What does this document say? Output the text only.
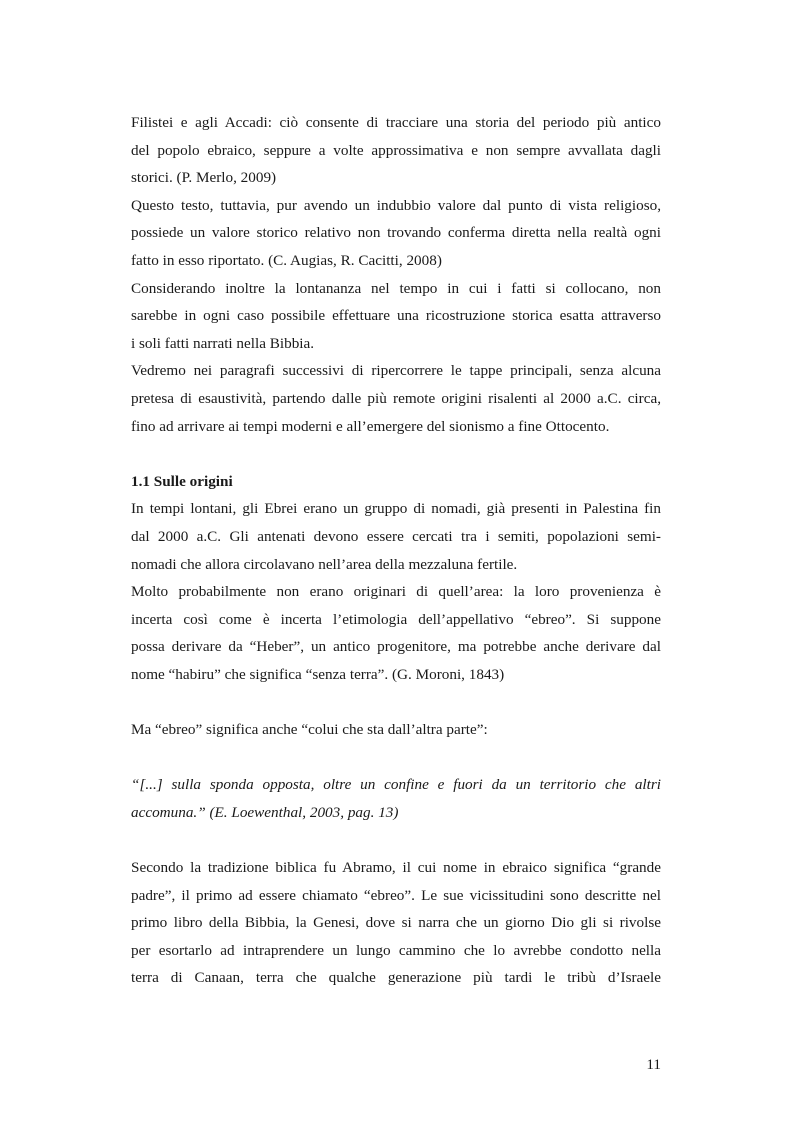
Filistei e agli Accadi: ciò consente di tracciare una storia del periodo più antico
del popolo ebraico, seppure a volte approssimativa e non sempre avvallata dagli
storici. (P. Merlo, 2009)
Questo testo, tuttavia, pur avendo un indubbio valore dal punto di vista religioso,
possiede un valore storico relativo non trovando conferma diretta nella realtà ogni
fatto in esso riportato. (C. Augias, R. Cacitti, 2008)
Considerando inoltre la lontananza nel tempo in cui i fatti si collocano, non
sarebbe in ogni caso possibile effettuare una ricostruzione storica esatta attraverso
i soli fatti narrati nella Bibbia.
Vedremo nei paragrafi successivi di ripercorrere le tappe principali, senza alcuna
pretesa di esaustività, partendo dalle più remote origini risalenti al 2000 a.C. circa,
fino ad arrivare ai tempi moderni e all’emergere del sionismo a fine Ottocento.
1.1 Sulle origini
In tempi lontani, gli Ebrei erano un gruppo di nomadi, già presenti in Palestina fin
dal 2000 a.C. Gli antenati devono essere cercati tra i semiti, popolazioni semi-
nomadi che allora circolavano nell’area della mezzaluna fertile.
Molto probabilmente non erano originari di quell’area: la loro provenienza è
incerta così come è incerta l’etimologia dell’appellativo “ebreo”. Si suppone
possa derivare da “Heber”, un antico progenitore, ma potrebbe anche derivare dal
nome “habiru” che significa “senza terra”. (G. Moroni, 1843)
Ma “ebreo” significa anche “colui che sta dall’altra parte”:
“[...] sulla sponda opposta, oltre un confine e fuori da un territorio che altri
accomuna.” (E. Loewenthal, 2003, pag. 13)
Secondo la tradizione biblica fu Abramo, il cui nome in ebraico significa “grande
padre”, il primo ad essere chiamato “ebreo”. Le sue vicissitudini sono descritte nel
primo libro della Bibbia, la Genesi, dove si narra che un giorno Dio gli si rivolse
per esortarlo ad intraprendere un lungo cammino che lo avrebbe condotto nella
terra di Canaan, terra che qualche generazione più tardi le tribù d’Israele
11
